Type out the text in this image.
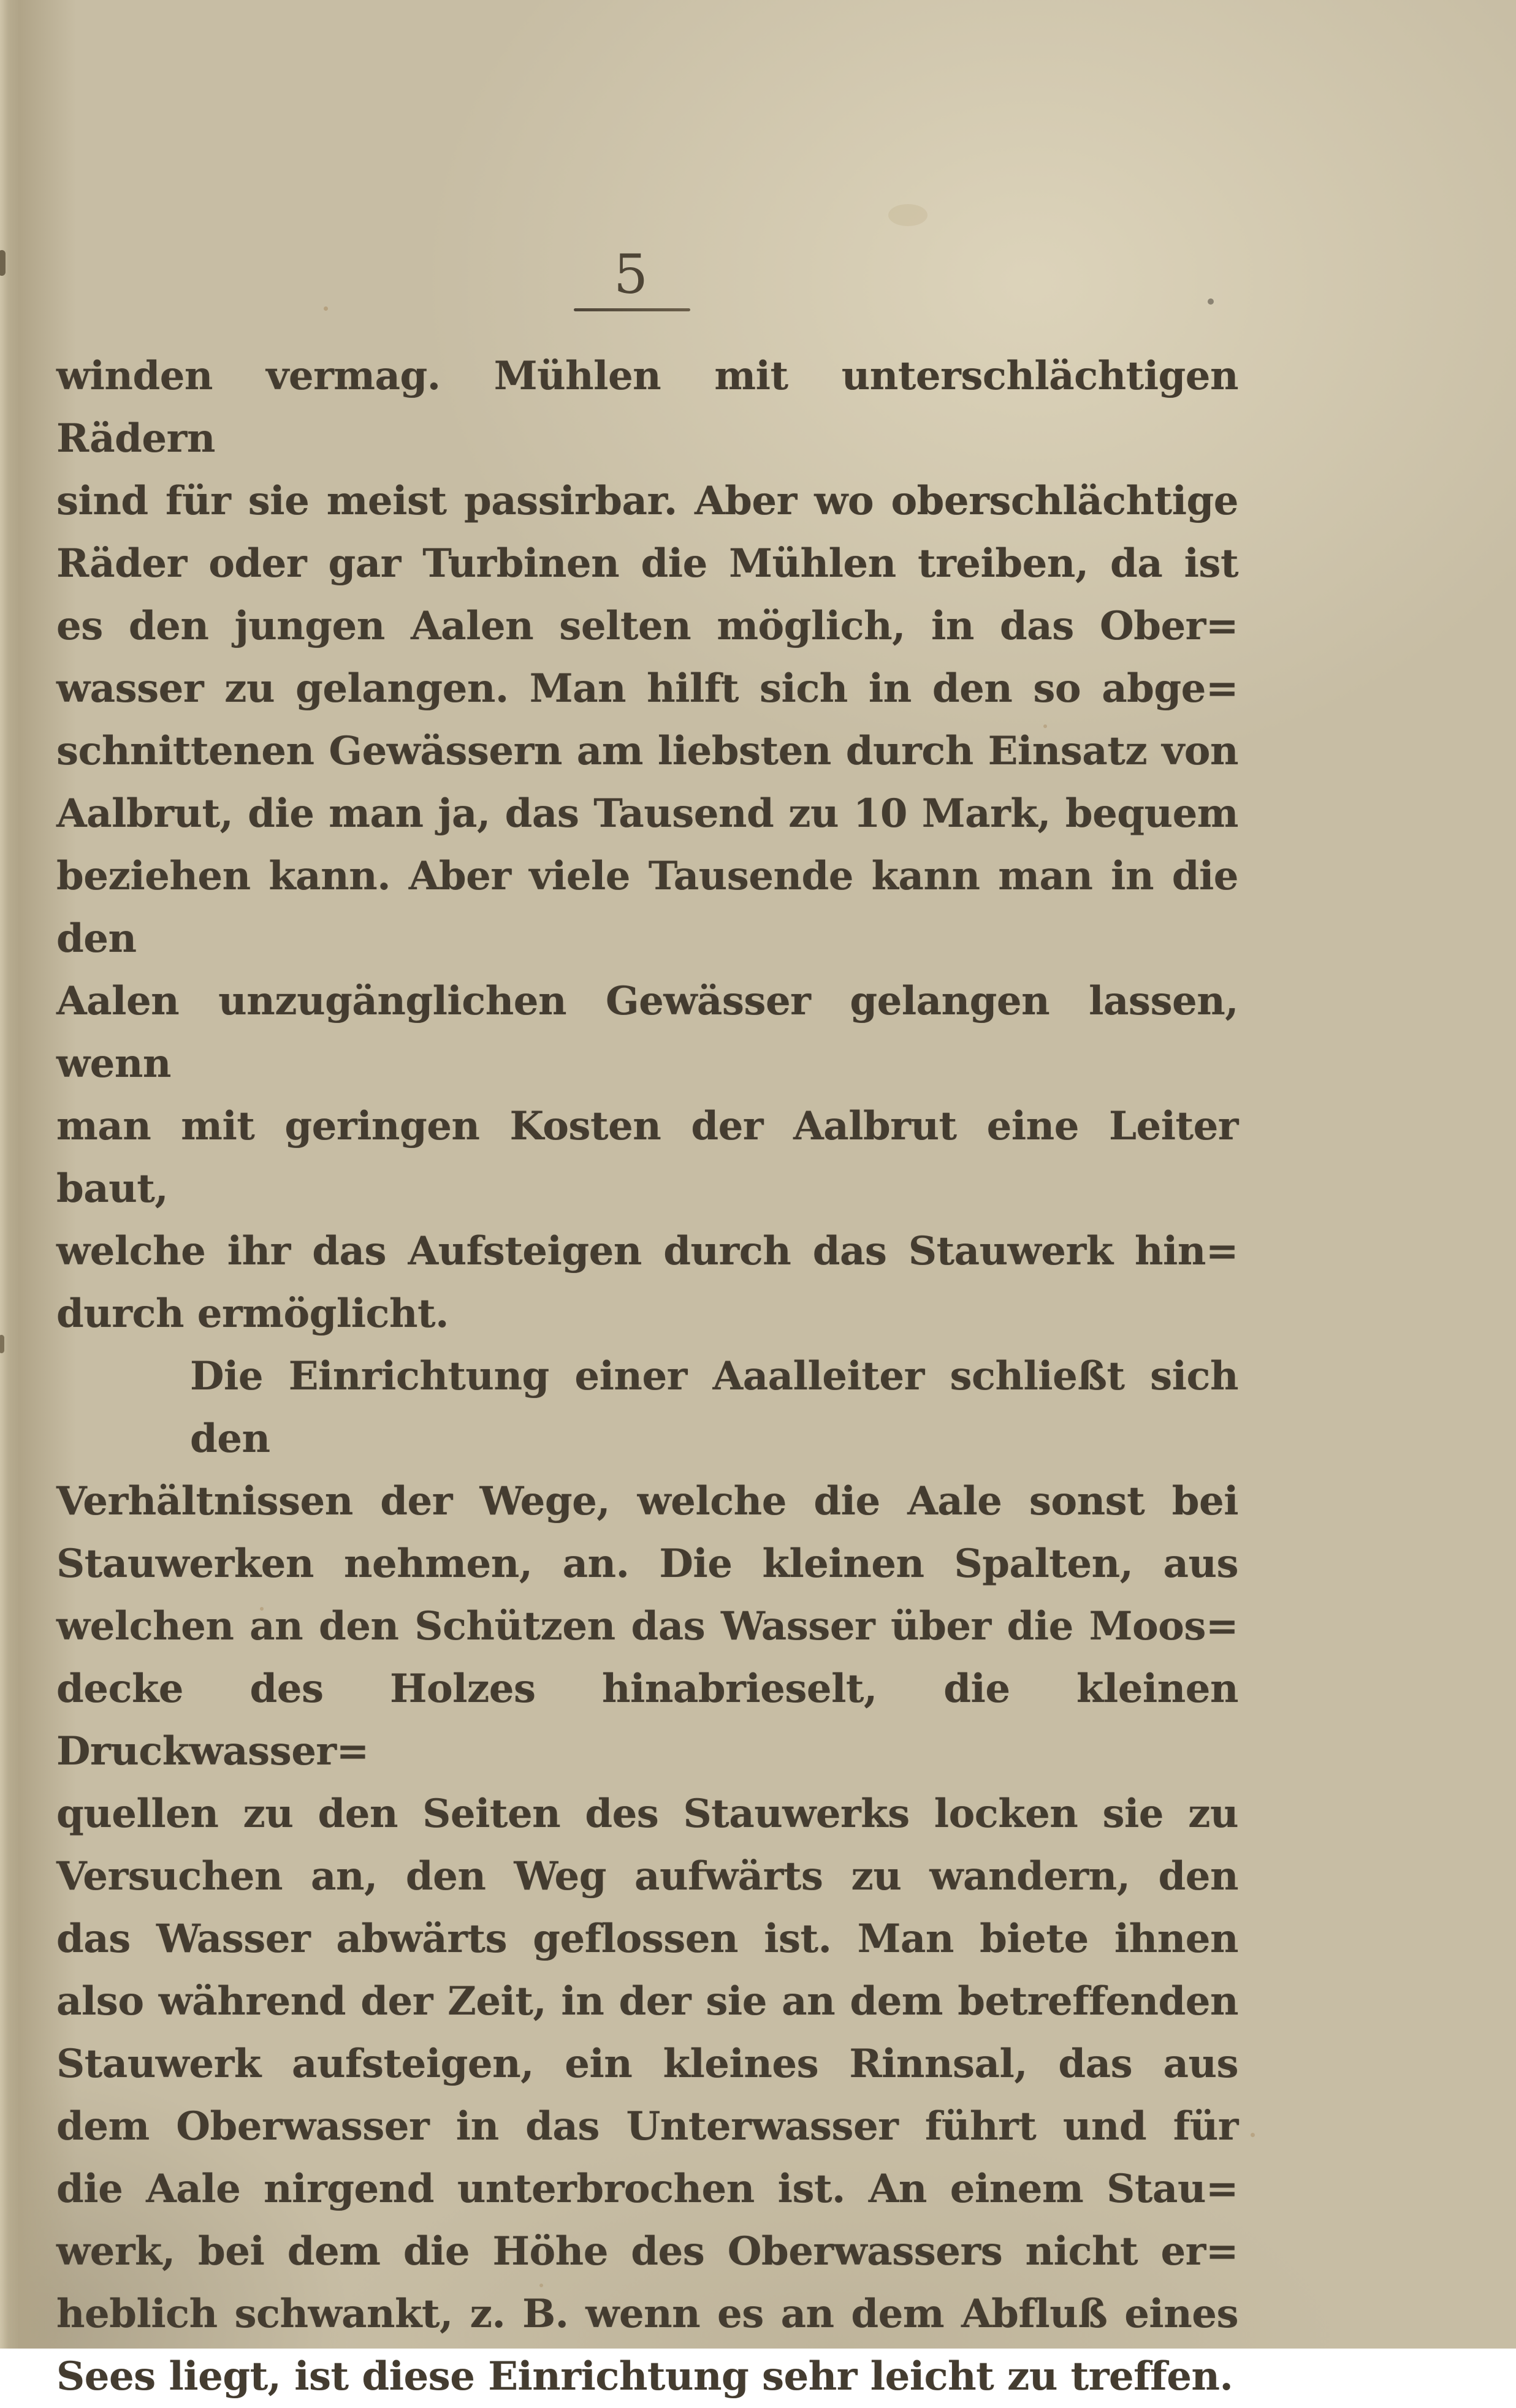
5
winden vermag. Mühlen mit unterschlächtigen Rädern
sind für sie meist passirbar. Aber wo oberschlächtige
Räder oder gar Turbinen die Mühlen treiben, da ist
es den jungen Aalen selten möglich, in das Ober=
wasser zu gelangen. Man hilft sich in den so abge=
schnittenen Gewässern am liebsten durch Einsatz von
Aalbrut, die man ja, das Tausend zu 10 Mark, bequem
beziehen kann. Aber viele Tausende kann man in die den
Aalen unzugänglichen Gewässer gelangen lassen, wenn
man mit geringen Kosten der Aalbrut eine Leiter baut,
welche ihr das Aufsteigen durch das Stauwerk hin=
durch ermöglicht.
Die Einrichtung einer Aaalleiter schließt sich den
Verhältnissen der Wege, welche die Aale sonst bei
Stauwerken nehmen, an. Die kleinen Spalten, aus
welchen an den Schützen das Wasser über die Moos=
decke des Holzes hinabrieselt, die kleinen Druckwasser=
quellen zu den Seiten des Stauwerks locken sie zu
Versuchen an, den Weg aufwärts zu wandern, den
das Wasser abwärts geflossen ist. Man biete ihnen
also während der Zeit, in der sie an dem betreffenden
Stauwerk aufsteigen, ein kleines Rinnsal, das aus
dem Oberwasser in das Unterwasser führt und für
die Aale nirgend unterbrochen ist. An einem Stau=
werk, bei dem die Höhe des Oberwassers nicht er=
heblich schwankt, z. B. wenn es an dem Abfluß eines
Sees liegt, ist diese Einrichtung sehr leicht zu treffen.
